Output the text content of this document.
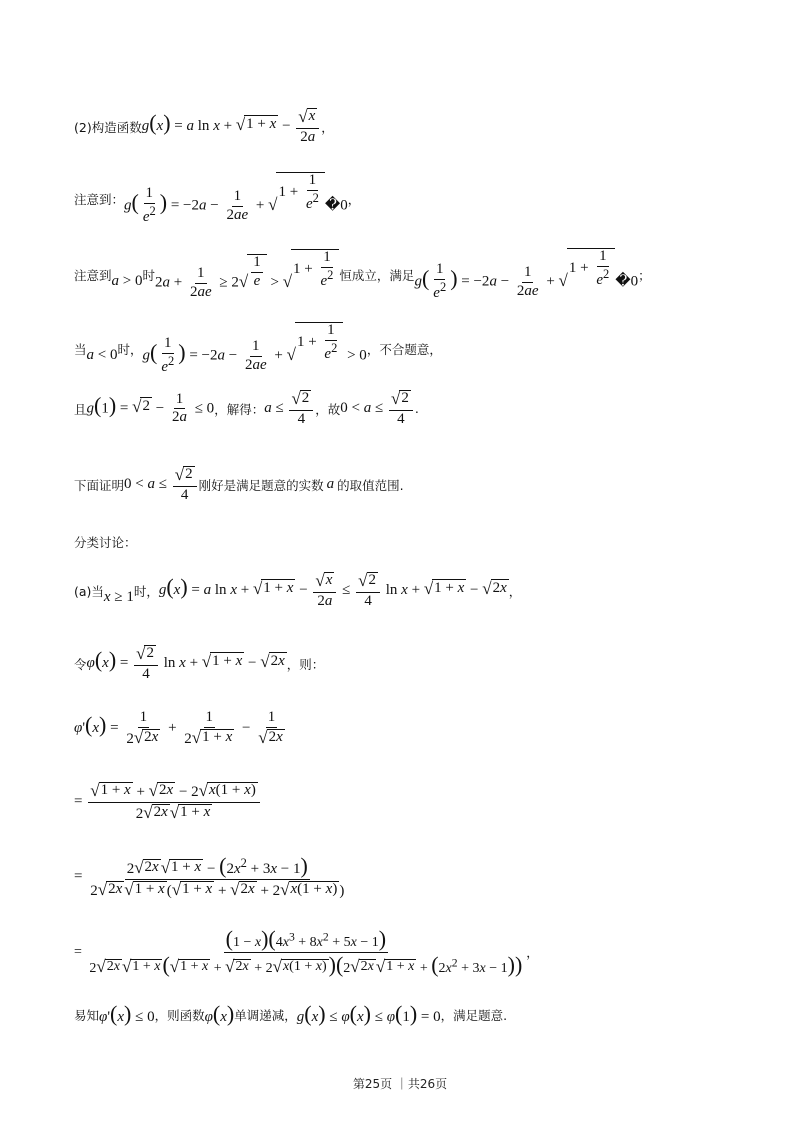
(2)构造函数 g(x) = a ln x + √ $1 + x - \frac{√ x}{2a}$ ，
注意到： $g( \frac{1}{e^2}$ ) = $-2a - \frac{1}{2ae}$ + √
$1 + \frac{1}{e^2}$ �0 ，
注意到 a > 0 时 $2a + \frac{1}{2ae} \ge 2$ √ $\frac{1}{e}$ > √
$1 + \frac{1}{e^2}$ 恒成立，满足 $g( \frac{1}{e^2}$ ) = $-2a - \frac{1}{2ae}$ + √
$1 + \frac{1}{e^2}$ �0 ；
当 a < 0 时， $g( \frac{1}{e^2}$ ) = $-2a - \frac{1}{2ae}$ + √
$1 + \frac{1}{e^2} > 0$ ，不合题意，
且 g(1) = √ $2 - \frac{1}{2a} \le 0$ ，解得： $a \le \frac{√ 2}{4}$ ，故 $0 < a \le \frac{√ 2}{4}$ .
下面证明 $0 < a \le \frac{√ 2}{4}$ 刚好是满足题意的实数 a 的取值范围.
分类讨论：
(a)当 x ≥ 1 时， g(x) = a ln x + √ $1 + x - \frac{√ x}{2a} \le \frac{√ 2}{4}$ ln x + √ 1 + x − √ 2x ，
令 $\varphi(x) = \frac{√ 2}{4}$ ln x + √ 1 + x − √ 2x ，则：
$\varphi'(x) = \frac{1}{2 √ 2x} + \frac{1}{2 √ 1 + x} - \frac{1}{√ 2x}$
= $\frac{√ 1 + x + √ 2x - 2 √ x(1 + x)}{2 √ 2x √ 1 + x}$
= $\frac{2 √ 2x √ 1 + x - (2x^2 + 3x - 1)}{2 √ 2x √ 1 + x ( √ 1 + x + √ 2x + 2 √ x(1 + x) )}$
=
$(1 - x)(4x^3 + 8x^2 + 5x - 1)$
2 √ 2x √ 1 + x ( √ 1 + x + √ 2x + 2 √ x(1 + x) )(2 √ 2x √ $1 + x + (2x^2 + 3x - 1)$) ，
易知 φ'(x) ≤ 0 ，则函数 φ(x) 单调递减， g(x) ≤ φ(x) ≤ φ(1) = 0 ，满足题意.
第25页 ｜共26页
